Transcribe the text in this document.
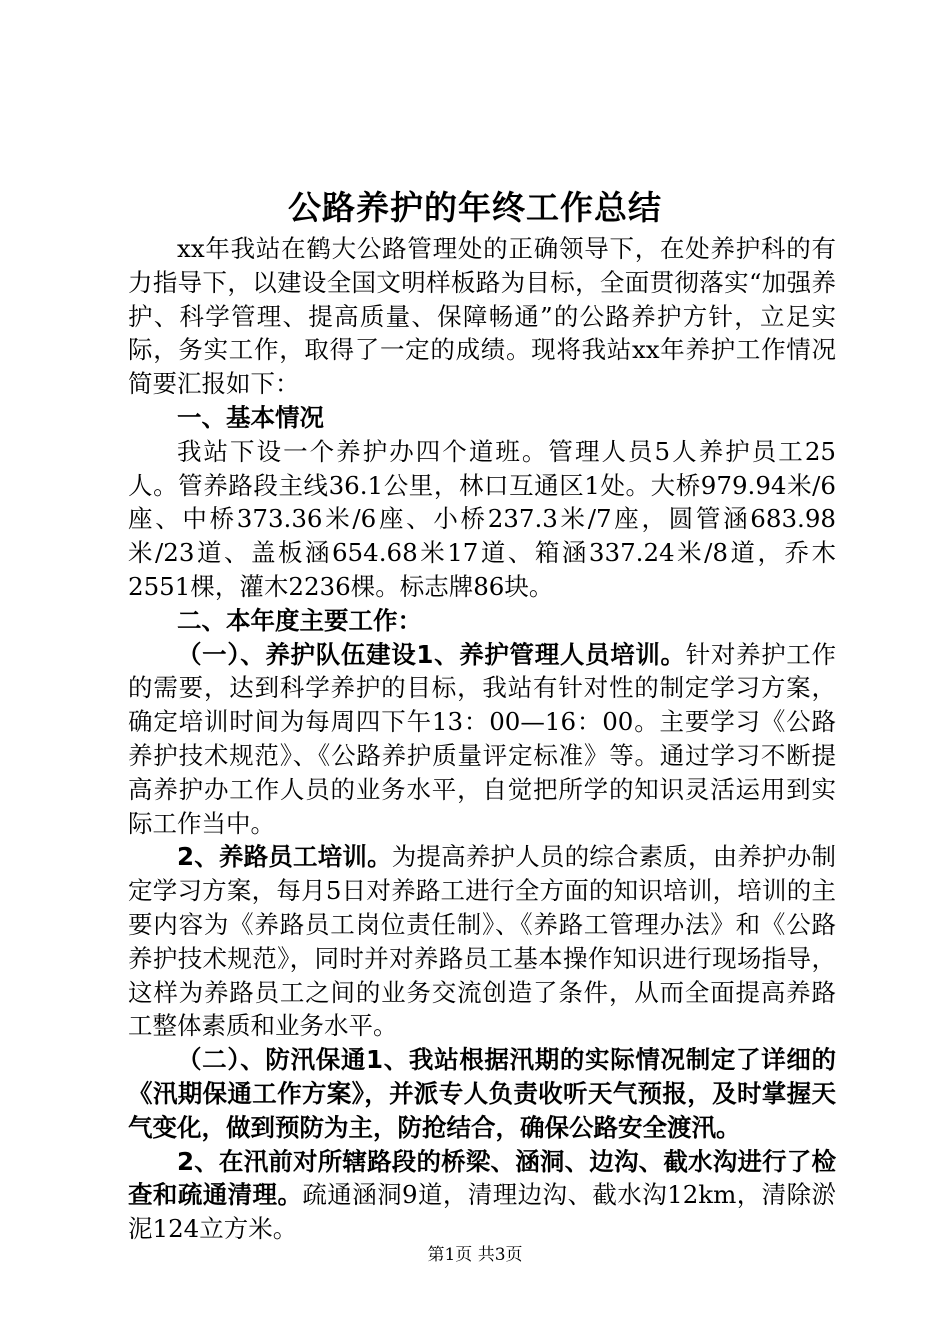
公路养护的年终工作总结

xx年我站在鹤大公路管理处的正确领导下，在处养护科的有力指导下，以建设全国文明样板路为目标，全面贯彻落实“加强养护、科学管理、提高质量、保障畅通”的公路养护方针，立足实际，务实工作，取得了一定的成绩。现将我站xx年养护工作情况简要汇报如下：

一、基本情况

我站下设一个养护办四个道班。管理人员5人养护员工25人。管养路段主线36.1公里，林口互通区1处。大桥979.94米/6座、中桥373.36米/6座、小桥237.3米/7座，圆管涵683.98米/23道、盖板涵654.68米17道、箱涵337.24米/8道，乔木2551棵，灌木2236棵。标志牌86块。

二、本年度主要工作：

（一）、养护队伍建设1、养护管理人员培训。针对养护工作的需要，达到科学养护的目标，我站有针对性的制定学习方案，确定培训时间为每周四下午13：00—16：00。主要学习《公路养护技术规范》、《公路养护质量评定标准》等。通过学习不断提高养护办工作人员的业务水平，自觉把所学的知识灵活运用到实际工作当中。

2、养路员工培训。为提高养护人员的综合素质，由养护办制定学习方案，每月5日对养路工进行全方面的知识培训，培训的主要内容为《养路员工岗位责任制》、《养路工管理办法》和《公路养护技术规范》，同时并对养路员工基本操作知识进行现场指导，这样为养路员工之间的业务交流创造了条件，从而全面提高养路工整体素质和业务水平。

（二）、防汛保通1、我站根据汛期的实际情况制定了详细的《汛期保通工作方案》，并派专人负责收听天气预报，及时掌握天气变化，做到预防为主，防抢结合，确保公路安全渡汛。

2、在汛前对所辖路段的桥梁、涵洞、边沟、截水沟进行了检查和疏通清理。疏通涵洞9道，清理边沟、截水沟12km，清除淤泥124立方米。

第1页 共3页
